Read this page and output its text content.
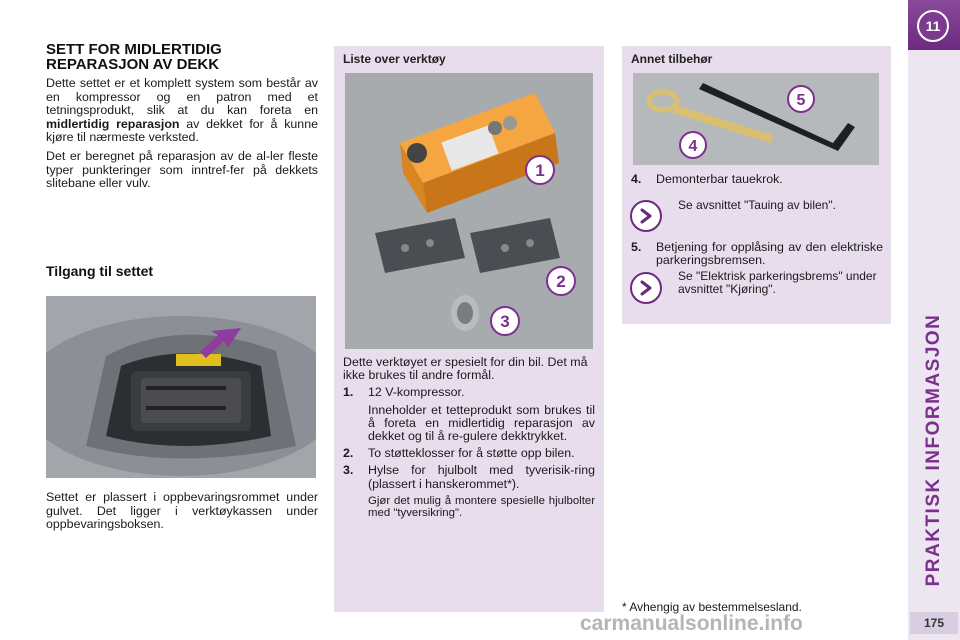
SETT FOR MIDLERTIDIG REPARASJON AV DEKK

Dette settet er et komplett system som består av en kompressor og en patron med et tetningsprodukt, slik at du kan foreta en midlertidig reparasjon av dekket for å kunne kjøre til nærmeste verksted.

Det er beregnet på reparasjon av de al-ler fleste typer punkteringer som inntref-fer på dekkets slitebane eller vulv.

Tilgang til settet
Settet er plassert i oppbevaringsrommet under gulvet. Det ligger i verktøykassen under oppbevaringsboksen.
Liste over verktøy
1
2
3
Dette verktøyet er spesielt for din bil. Det må ikke brukes til andre formål.
1.	12 V-kompressor.
Inneholder et tetteprodukt som brukes til å foreta en midlertidig reparasjon av dekket og til å re-gulere dekktrykket.
2.	To støtteklosser for å støtte opp bilen.
3.	Hylse for hjulbolt med tyverisik-ring (plassert i hanskerommet*).
Gjør det mulig å montere spesielle hjulbolter med "tyversikring".
Annet tilbehør
4
5
4.	Demonterbar tauekrok.
Se avsnittet "Tauing av bilen".
5.	Betjening for opplåsing av den elektriske parkeringsbremsen.
Se "Elektrisk parkeringsbrems" under avsnittet "Kjøring".
* Avhengig av bestemmelsesland.
11
PRAKTISK INFORMASJON
175
carmanualsonline.info
